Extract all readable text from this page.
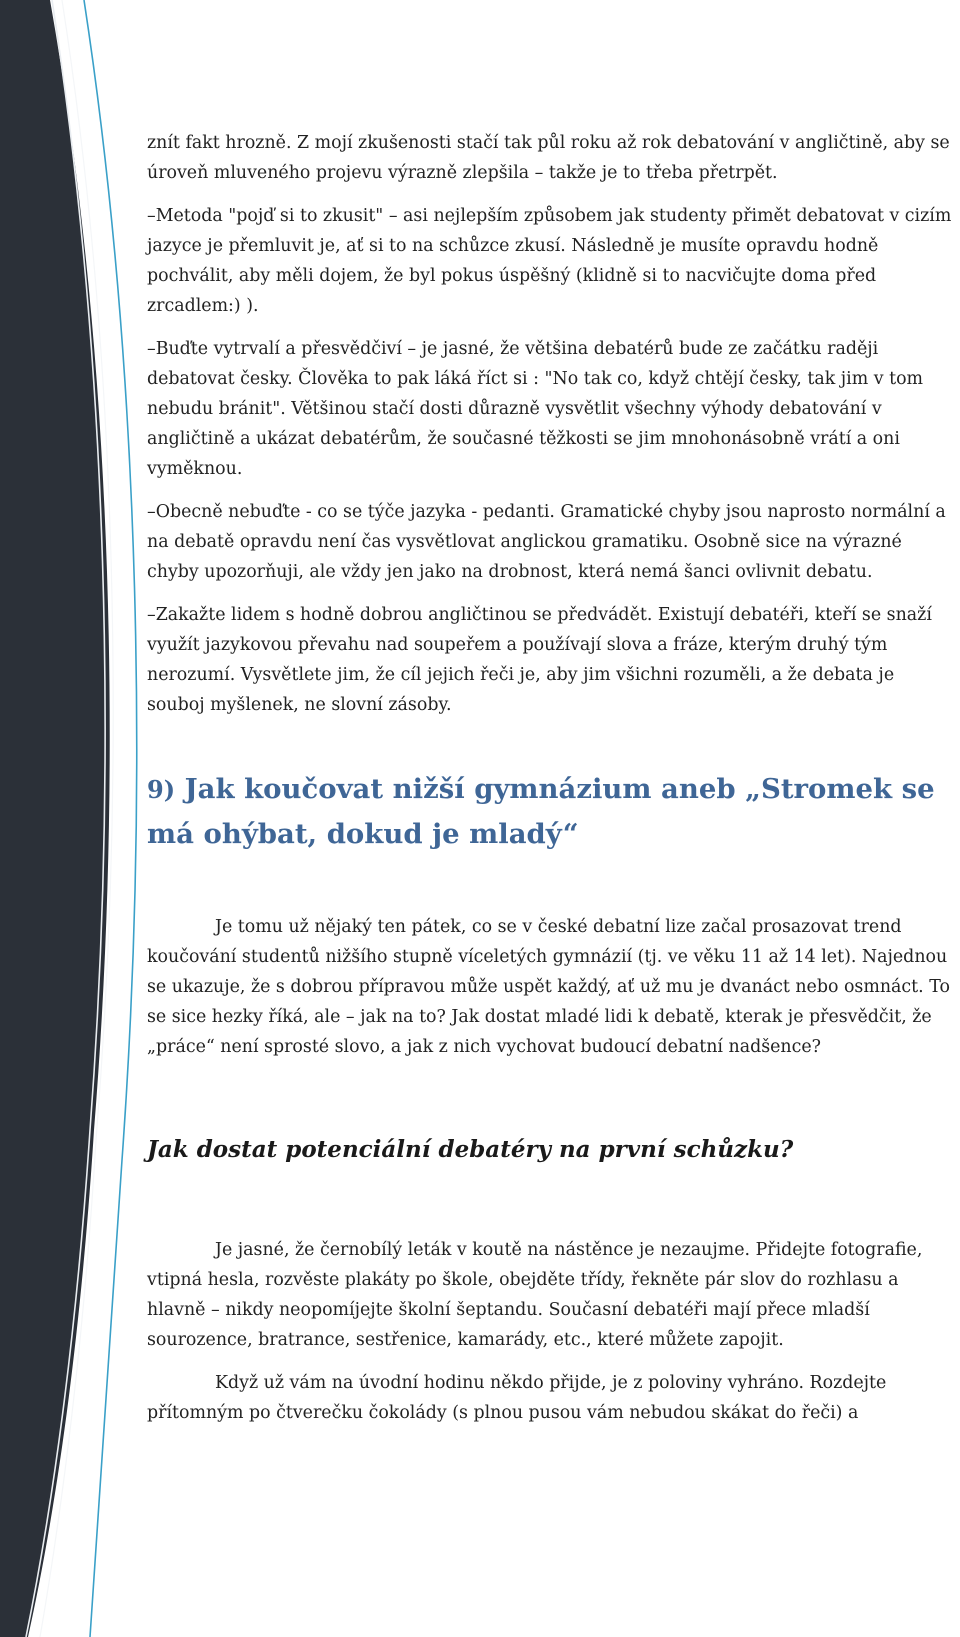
znít fakt hrozně. Z mojí zkušenosti stačí tak půl roku až rok debatování v angličtině, aby se úroveň mluveného projevu výrazně zlepšila – takže je to třeba přetrpět.

–Metoda "pojď si to zkusit" – asi nejlepším způsobem jak studenty přimět debatovat v cizím jazyce je přemluvit je, ať si to na schůzce zkusí. Následně je musíte opravdu hodně pochválit, aby měli dojem, že byl pokus úspěšný (klidně si to nacvičujte doma před zrcadlem:) ).

–Buďte vytrvalí a přesvědčiví – je jasné, že většina debatérů bude ze začátku raději debatovat česky. Člověka to pak láká říct si : "No tak co, když chtějí česky, tak jim v tom nebudu bránit". Většinou stačí dosti důrazně vysvětlit všechny výhody debatování v angličtině a ukázat debatérům, že současné těžkosti se jim mnohonásobně vrátí a oni vyměknou.

–Obecně nebuďte - co se týče jazyka - pedanti. Gramatické chyby jsou naprosto normální a na debatě opravdu není čas vysvětlovat anglickou gramatiku. Osobně sice na výrazné chyby upozorňuji, ale vždy jen jako na drobnost, která nemá šanci ovlivnit debatu.

–Zakažte lidem s hodně dobrou angličtinou se předvádět. Existují debatéři, kteří se snaží využít jazykovou převahu nad soupeřem a používají slova a fráze, kterým druhý tým nerozumí. Vysvětlete jim, že cíl jejich řeči je, aby jim všichni rozuměli, a že debata je souboj myšlenek, ne slovní zásoby.

9) Jak koučovat nižší gymnázium aneb „Stromek se má ohýbat, dokud je mladý“

Je tomu už nějaký ten pátek, co se v české debatní lize začal prosazovat trend koučování studentů nižšího stupně víceletých gymnázií (tj. ve věku 11 až 14 let). Najednou se ukazuje, že s dobrou přípravou může uspět každý, ať už mu je dvanáct nebo osmnáct. To se sice hezky říká, ale – jak na to? Jak dostat mladé lidi k debatě, kterak je přesvědčit, že „práce“ není sprosté slovo, a jak z nich vychovat budoucí debatní nadšence?

Jak dostat potenciální debatéry na první schůzku?

Je jasné, že černobílý leták v koutě na nástěnce je nezaujme. Přidejte fotografie, vtipná hesla, rozvěste plakáty po škole, obejděte třídy, řekněte pár slov do rozhlasu a hlavně – nikdy neopomíjejte školní šeptandu. Současní debatéři mají přece mladší sourozence, bratrance, sestřenice, kamarády, etc., které můžete zapojit.

Když už vám na úvodní hodinu někdo přijde, je z poloviny vyhráno. Rozdejte přítomným po čtverečku čokolády (s plnou pusou vám nebudou skákat do řeči) a
